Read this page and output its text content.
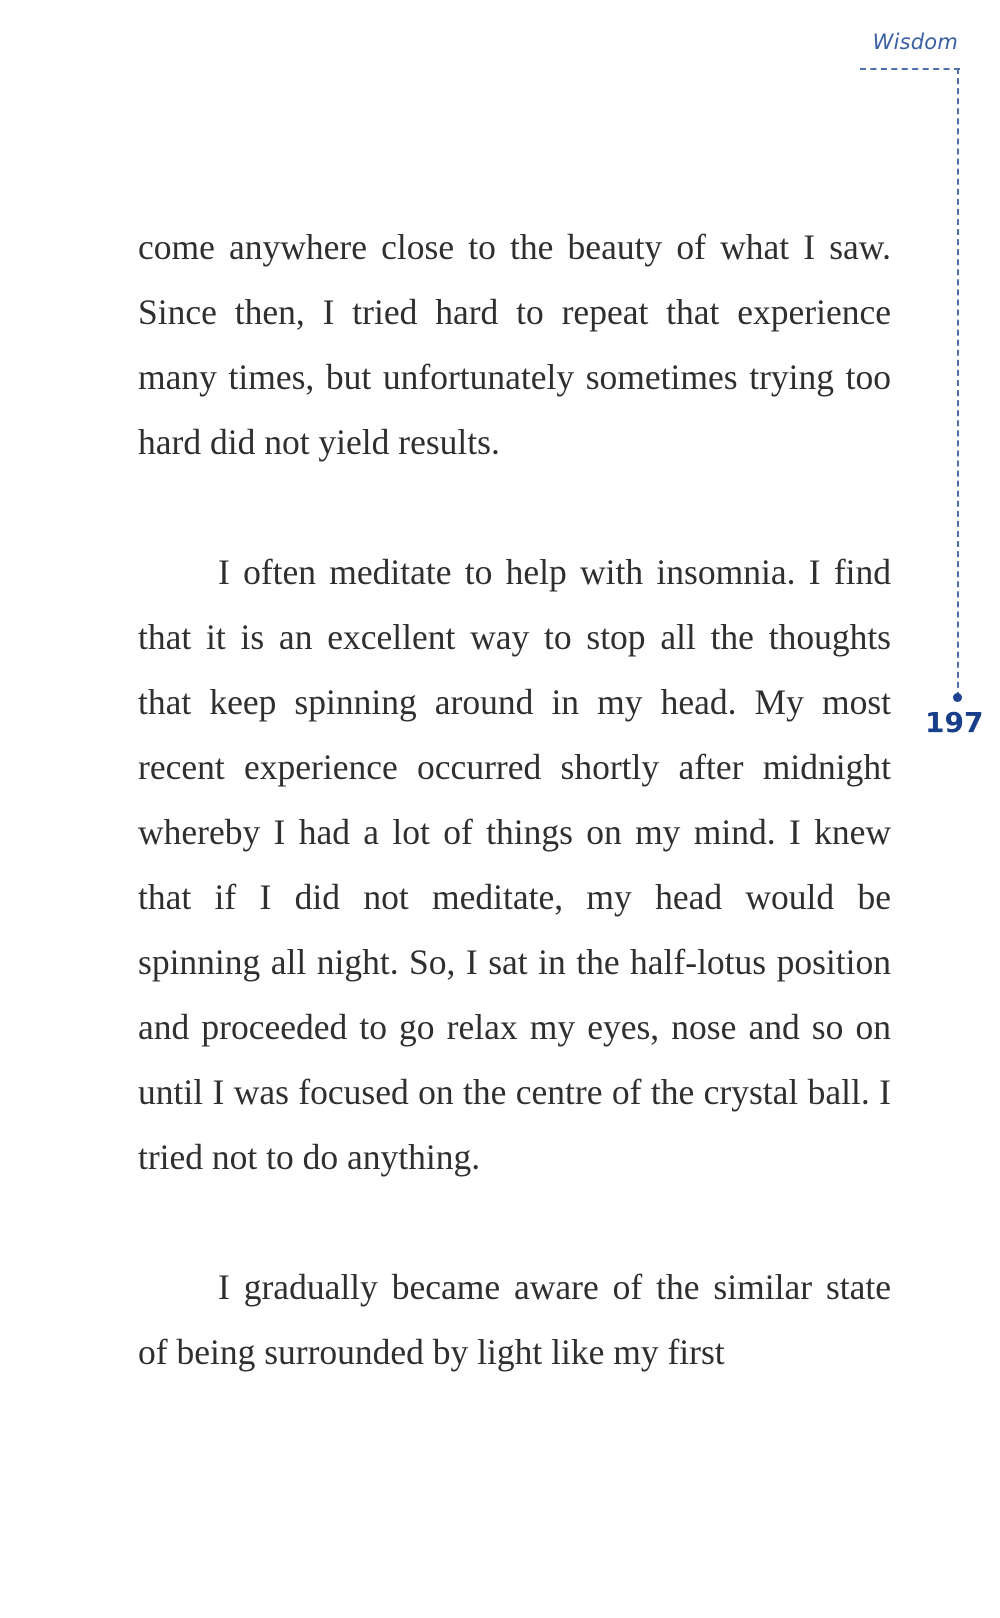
Wisdom
197

come anywhere close to the beauty of what I saw. Since then, I tried hard to repeat that experience many times, but unfortunately sometimes trying too hard did not yield results.

I often meditate to help with insomnia. I find that it is an excellent way to stop all the thoughts that keep spinning around in my head. My most recent experience occurred shortly after midnight whereby I had a lot of things on my mind. I knew that if I did not meditate, my head would be spinning all night. So, I sat in the half-lotus position and proceeded to go relax my eyes, nose and so on until I was focused on the centre of the crystal ball. I tried not to do anything.

I gradually became aware of the similar state of being surrounded by light like my first
